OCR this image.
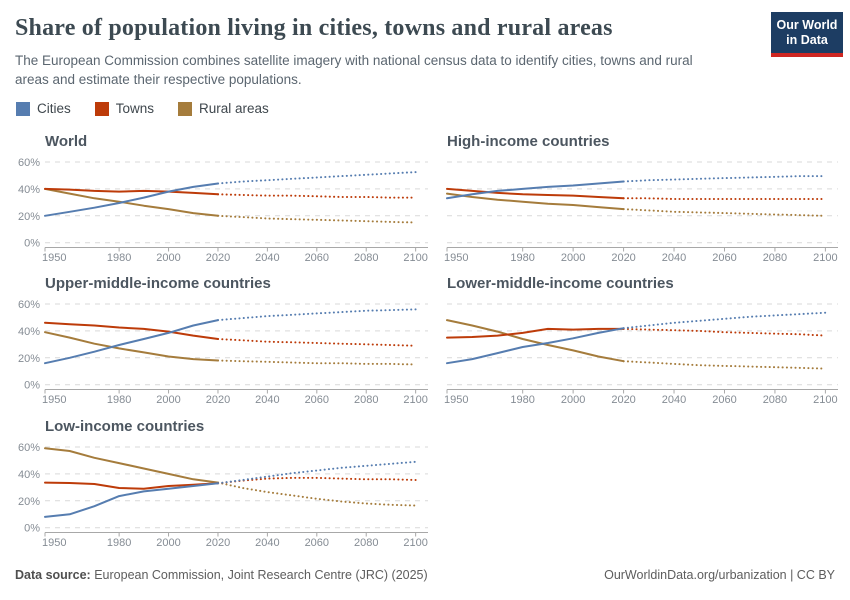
Share of population living in cities, towns and rural areas	Our World
in Data

The European Commission combines satellite imagery with national census data to identify cities, towns and rural areas and estimate their respective populations.

Cities	Towns	Rural areas
World
0%
20%
40%
60%
1950	1980 2000 2020 2040 2060 2080 2100
High-income countries
1950	1980 2000 2020 2040 2060 2080 2100
Upper-middle-income countries
0%
20%
40%
60%
1950	1980 2000 2020 2040 2060 2080 2100
Lower-middle-income countries
1950	1980 2000 2020 2040 2060 2080 2100
Low-income countries
0%
20%
40%
60%
1950	1980 2000 2020 2040 2060 2080 2100
Data source: European Commission, Joint Research Centre (JRC) (2025)	OurWorldinData.org/urbanization | CC BY
